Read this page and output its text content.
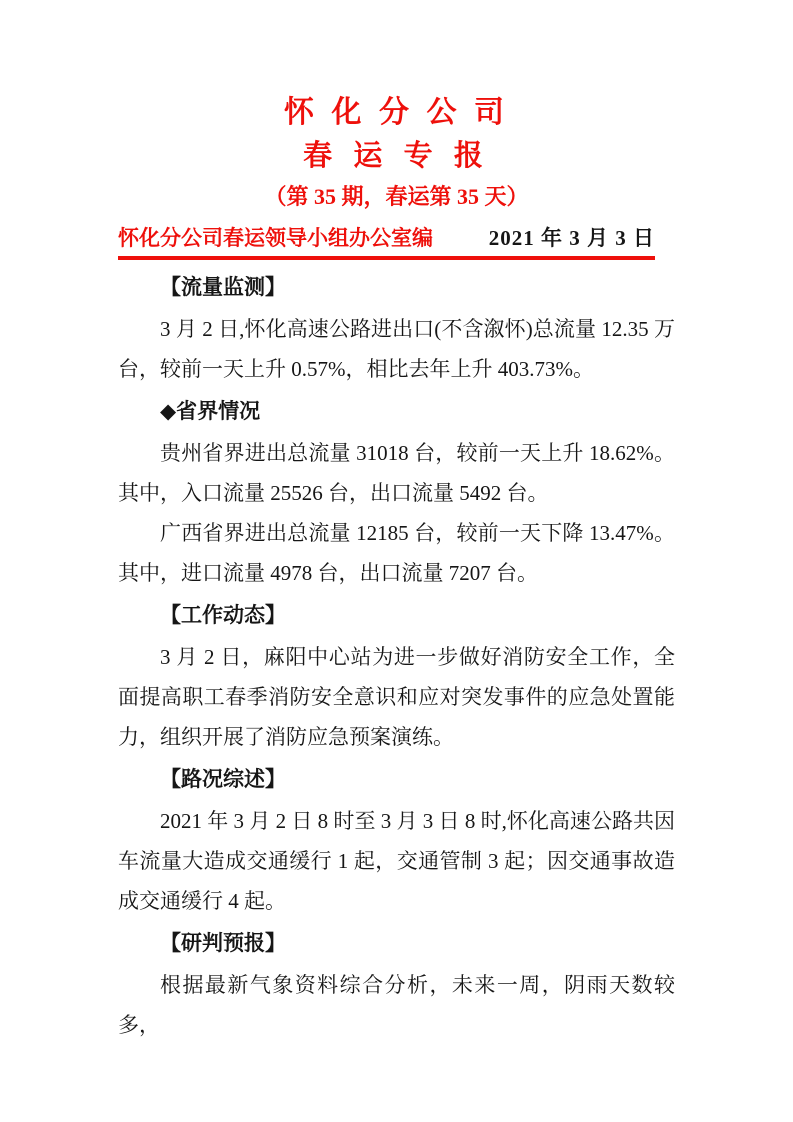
怀 化 分 公 司
春 运 专 报
（第 35 期，春运第 35 天）
怀化分公司春运领导小组办公室编	2021 年 3 月 3 日

【流量监测】

3 月 2 日,怀化高速公路进出口(不含溆怀)总流量 12.35 万台，较前一天上升 0.57%，相比去年上升 403.73%。

◆省界情况

贵州省界进出总流量 31018 台，较前一天上升 18.62%。其中，入口流量 25526 台，出口流量 5492 台。

广西省界进出总流量 12185 台，较前一天下降 13.47%。其中，进口流量 4978 台，出口流量 7207 台。

【工作动态】

3 月 2 日，麻阳中心站为进一步做好消防安全工作，全面提高职工春季消防安全意识和应对突发事件的应急处置能力，组织开展了消防应急预案演练。

【路况综述】

2021 年 3 月 2 日 8 时至 3 月 3 日 8 时,怀化高速公路共因车流量大造成交通缓行 1 起，交通管制 3 起；因交通事故造成交通缓行 4 起。

【研判预报】

根据最新气象资料综合分析，未来一周，阴雨天数较多，
